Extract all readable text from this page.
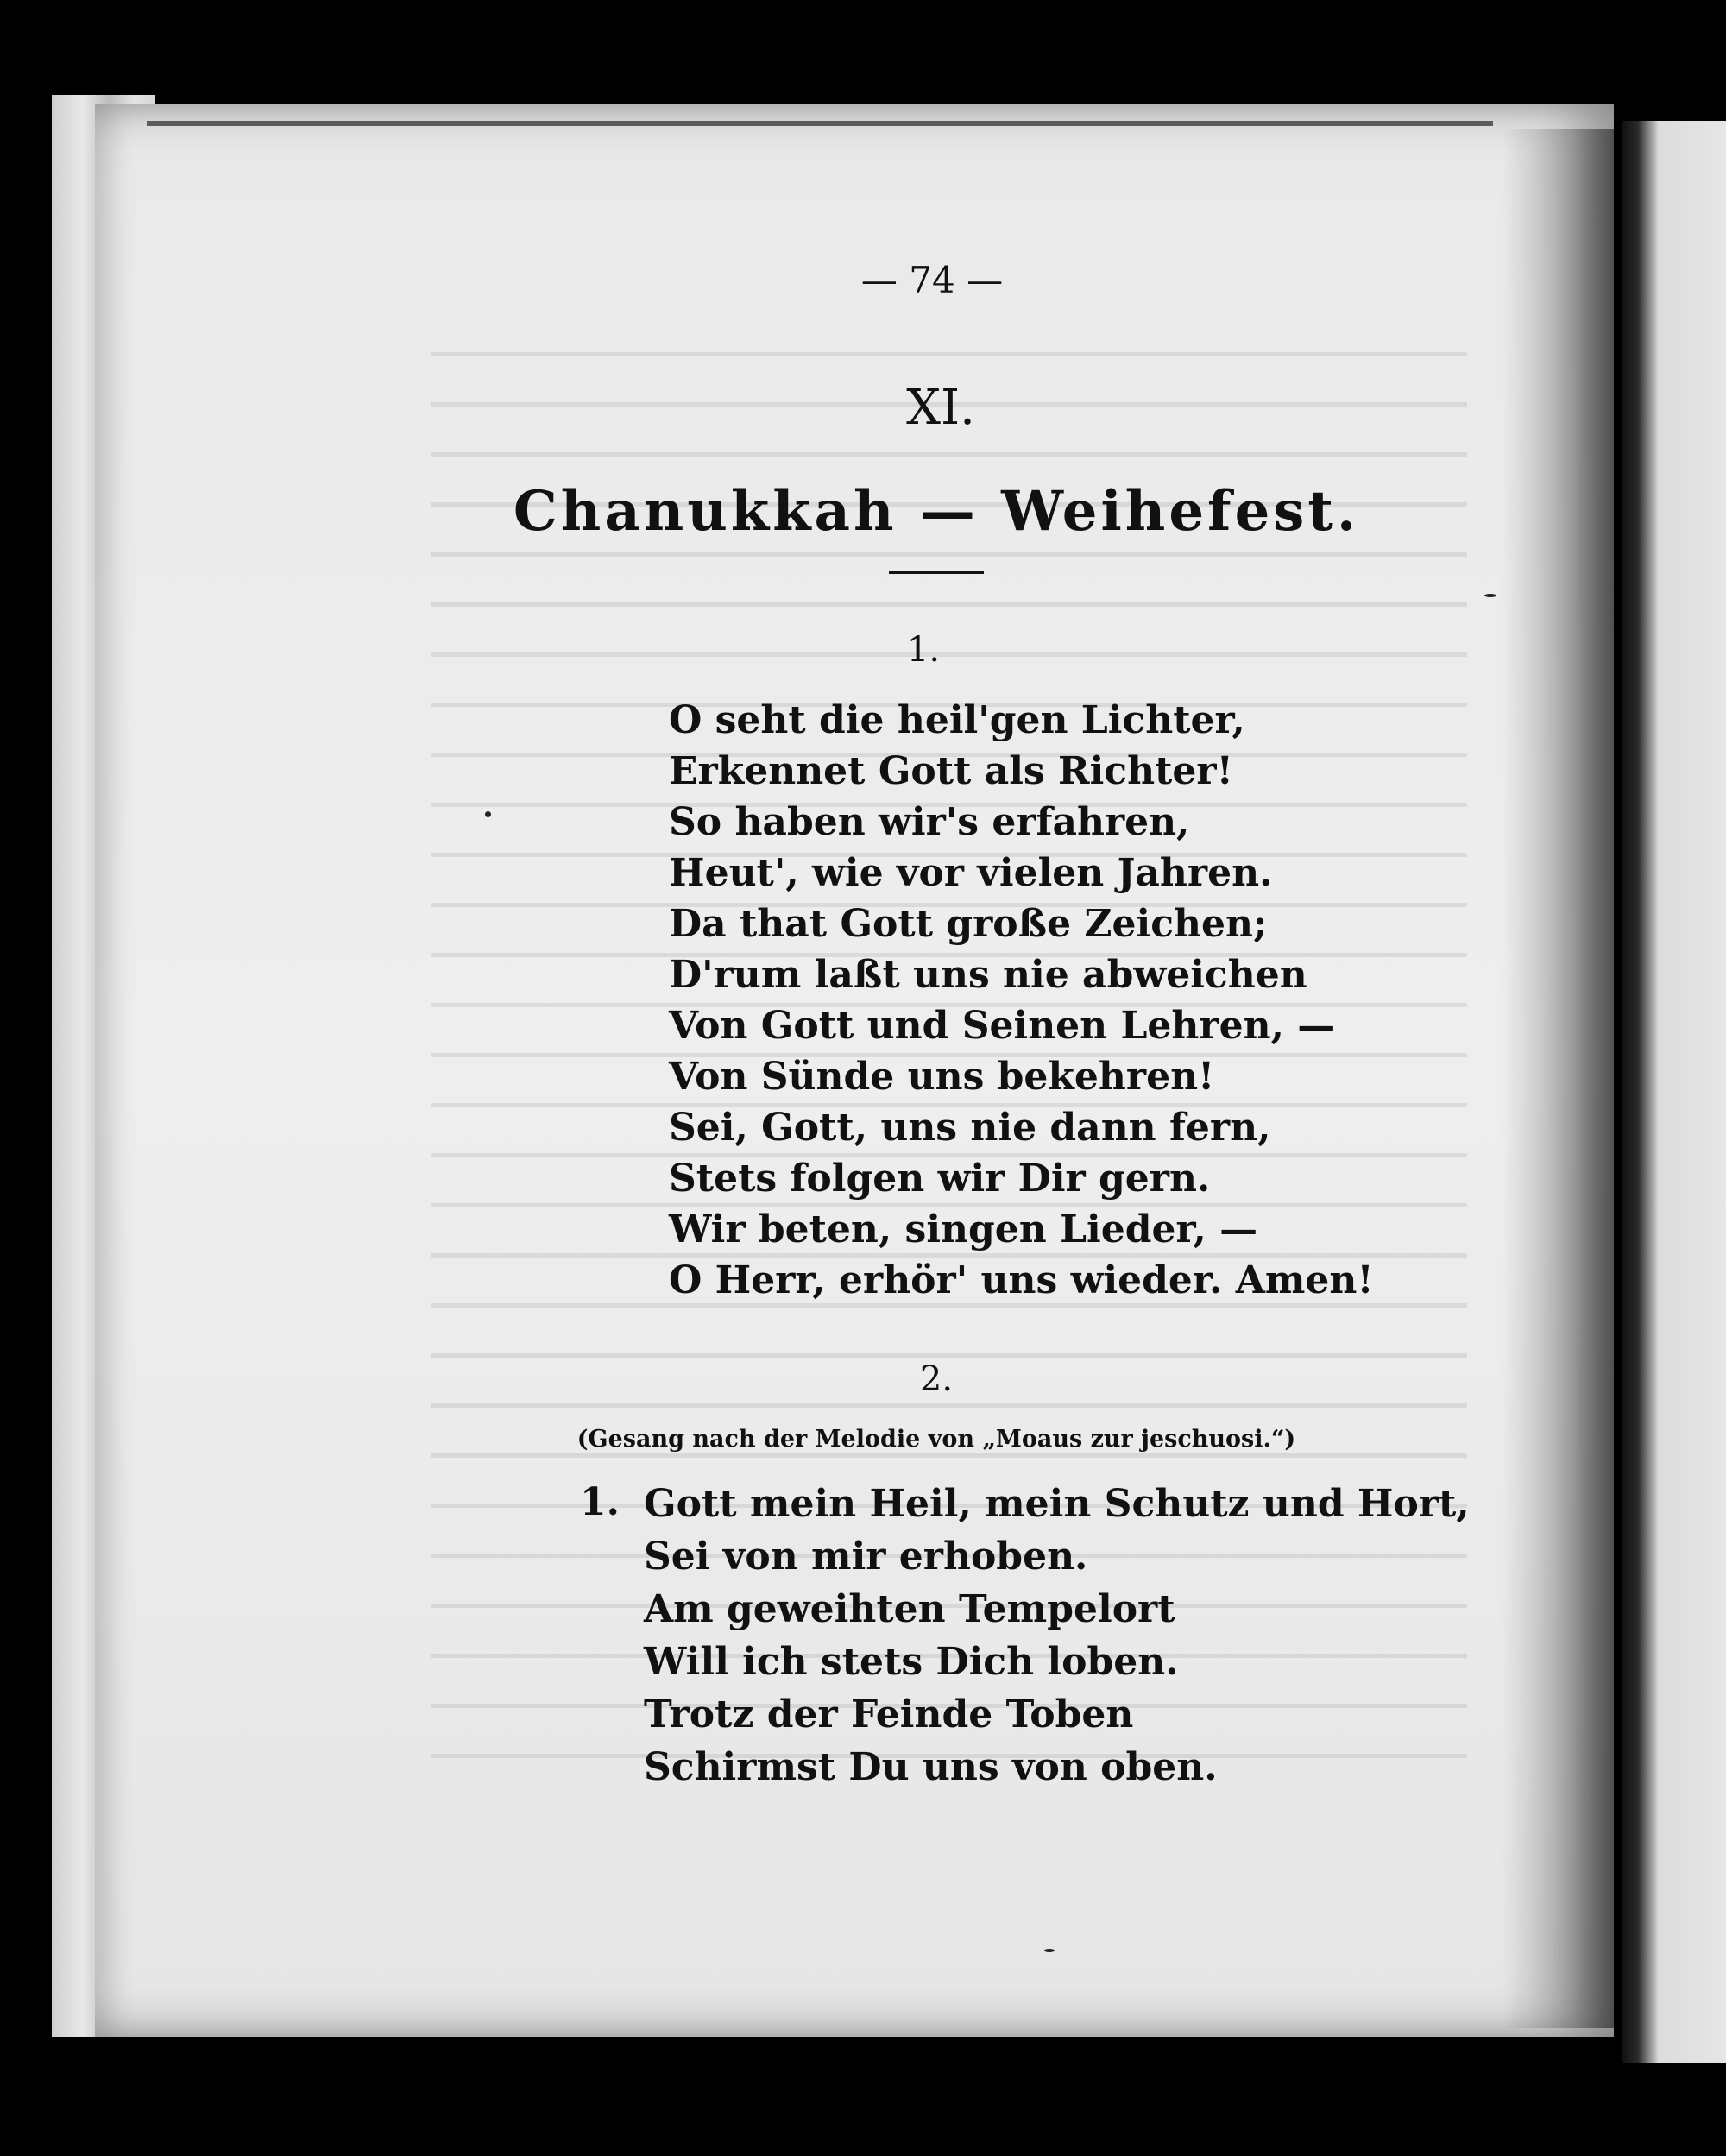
— 74 —
XI.
Chanukkah — Weihefest.
1.
O seht die heil'gen Lichter,
Erkennet Gott als Richter!
So haben wir's erfahren,
Heut', wie vor vielen Jahren.
Da that Gott große Zeichen;
D'rum laßt uns nie abweichen
Von Gott und Seinen Lehren, —
Von Sünde uns bekehren!
Sei, Gott, uns nie dann fern,
Stets folgen wir Dir gern.
Wir beten, singen Lieder, —
O Herr, erhör' uns wieder. Amen!
2.
(Gesang nach der Melodie von „Moaus zur jeschuosi.“)
1. Gott mein Heil, mein Schutz und Hort,
Sei von mir erhoben.
Am geweihten Tempelort
Will ich stets Dich loben.
Trotz der Feinde Toben
Schirmst Du uns von oben.
